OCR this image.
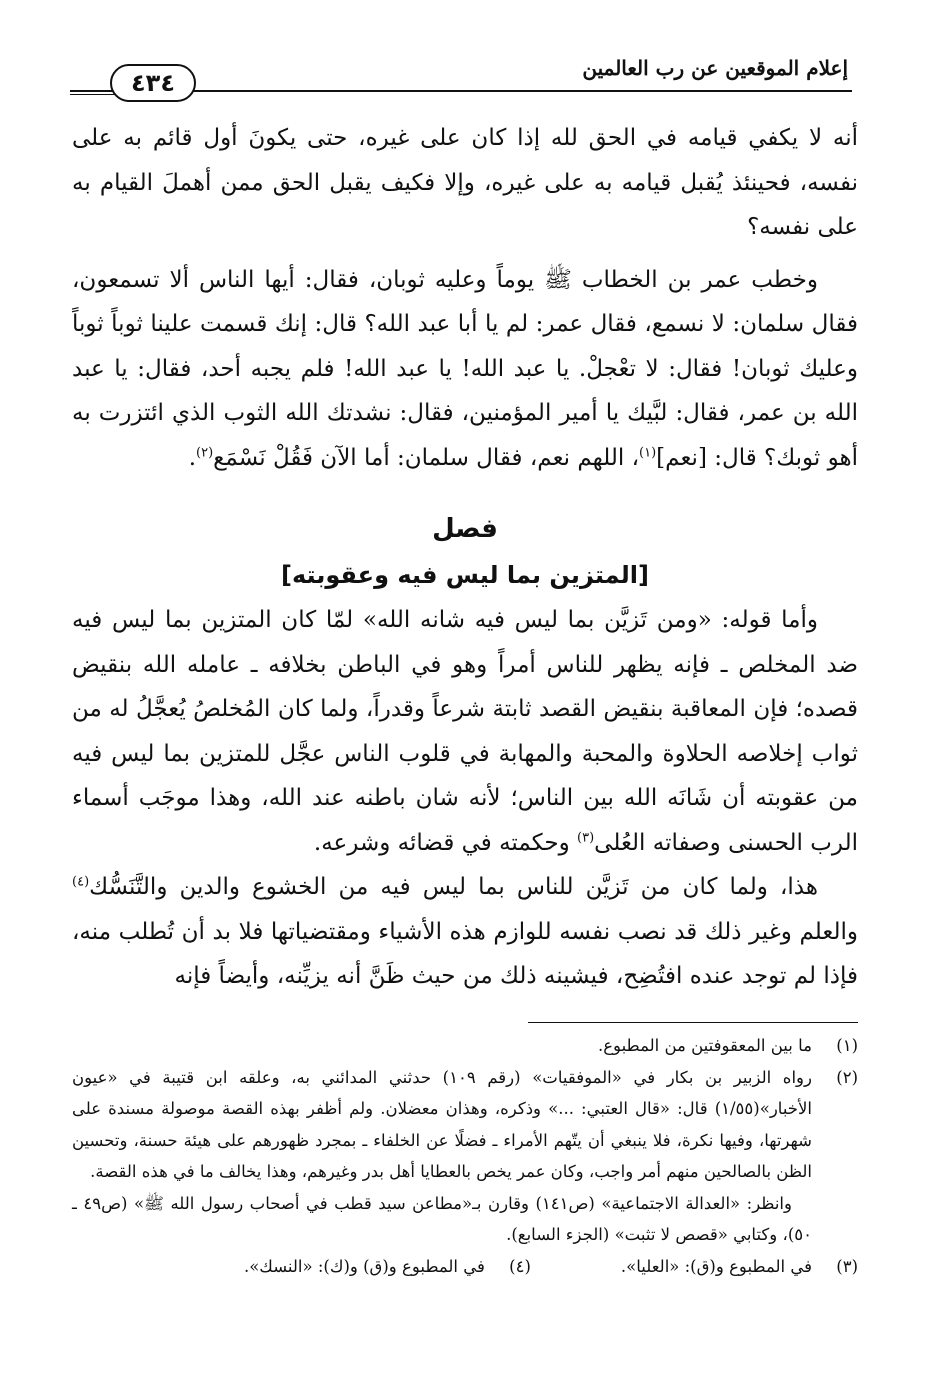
إعلام الموقعين عن رب العالمين
٤٣٤

أنه لا يكفي قيامه في الحق لله إذا كان على غيره، حتى يكونَ أول قائم به على نفسه، فحينئذ يُقبل قيامه به على غيره، وإلا فكيف يقبل الحق ممن أهملَ القيام به على نفسه؟

وخطب عمر بن الخطاب ﷺ يوماً وعليه ثوبان، فقال: أيها الناس ألا تسمعون، فقال سلمان: لا نسمع، فقال عمر: لم يا أبا عبد الله؟ قال: إنك قسمت علينا ثوباً ثوباً وعليك ثوبان! فقال: لا تعْجلْ. يا عبد الله! يا عبد الله! فلم يجبه أحد، فقال: يا عبد الله بن عمر، فقال: لبَّيك يا أمير المؤمنين، فقال: نشدتك الله الثوب الذي ائتزرت به أهو ثوبك؟ قال: [نعم]$^{(١)}$، اللهم نعم، فقال سلمان: أما الآن فَقُلْ نَسْمَع$^{(٢)}$.

فصل

[المتزين بما ليس فيه وعقوبته]

وأما قوله: «ومن تَزيَّن بما ليس فيه شانه الله» لمّا كان المتزين بما ليس فيه ضد المخلص ـ فإنه يظهر للناس أمراً وهو في الباطن بخلافه ـ عامله الله بنقيض قصده؛ فإن المعاقبة بنقيض القصد ثابتة شرعاً وقدراً، ولما كان المُخلصُ يُعجَّلُ له من ثواب إخلاصه الحلاوة والمحبة والمهابة في قلوب الناس عجَّل للمتزين بما ليس فيه من عقوبته أن شَانَه الله بين الناس؛ لأنه شان باطنه عند الله، وهذا موجَب أسماء الرب الحسنى وصفاته العُلى$^{(٣)}$ وحكمته في قضائه وشرعه.

هذا، ولما كان من تَزيَّن للناس بما ليس فيه من الخشوع والدين والتَّنَسُّك$^{(٤)}$ والعلم وغير ذلك قد نصب نفسه للوازم هذه الأشياء ومقتضياتها فلا بد أن تُطلب منه، فإذا لم توجد عنده افتُضِح، فيشينه ذلك من حيث ظَنَّ أنه يزيِّنه، وأيضاً فإنه

(١)

ما بين المعقوفتين من المطبوع.

(٢)

رواه الزبير بن بكار في «الموفقيات» (رقم ١٠٩) حدثني المدائني به، وعلقه ابن قتيبة في «عيون الأخبار»(١/٥٥) قال: «قال العتبي: ...» وذكره، وهذان معضلان. ولم أظفر بهذه القصة موصولة مسندة على شهرتها، وفيها نكرة، فلا ينبغي أن يتّهم الأمراء ـ فضلًا عن الخلفاء ـ بمجرد ظهورهم على هيئة حسنة، وتحسين الظن بالصالحين منهم أمر واجب، وكان عمر يخص بالعطايا أهل بدر وغيرهم، وهذا يخالف ما في هذه القصة.

وانظر: «العدالة الاجتماعية» (ص١٤١) وقارن بـ«مطاعن سيد قطب في أصحاب رسول الله ﷺ» (ص٤٩ ـ ٥٠)، وكتابي «قصص لا تثبت» (الجزء السابع).

(٣)في المطبوع و(ق): «العليا».
(٤)في المطبوع و(ق) و(ك): «النسك».
